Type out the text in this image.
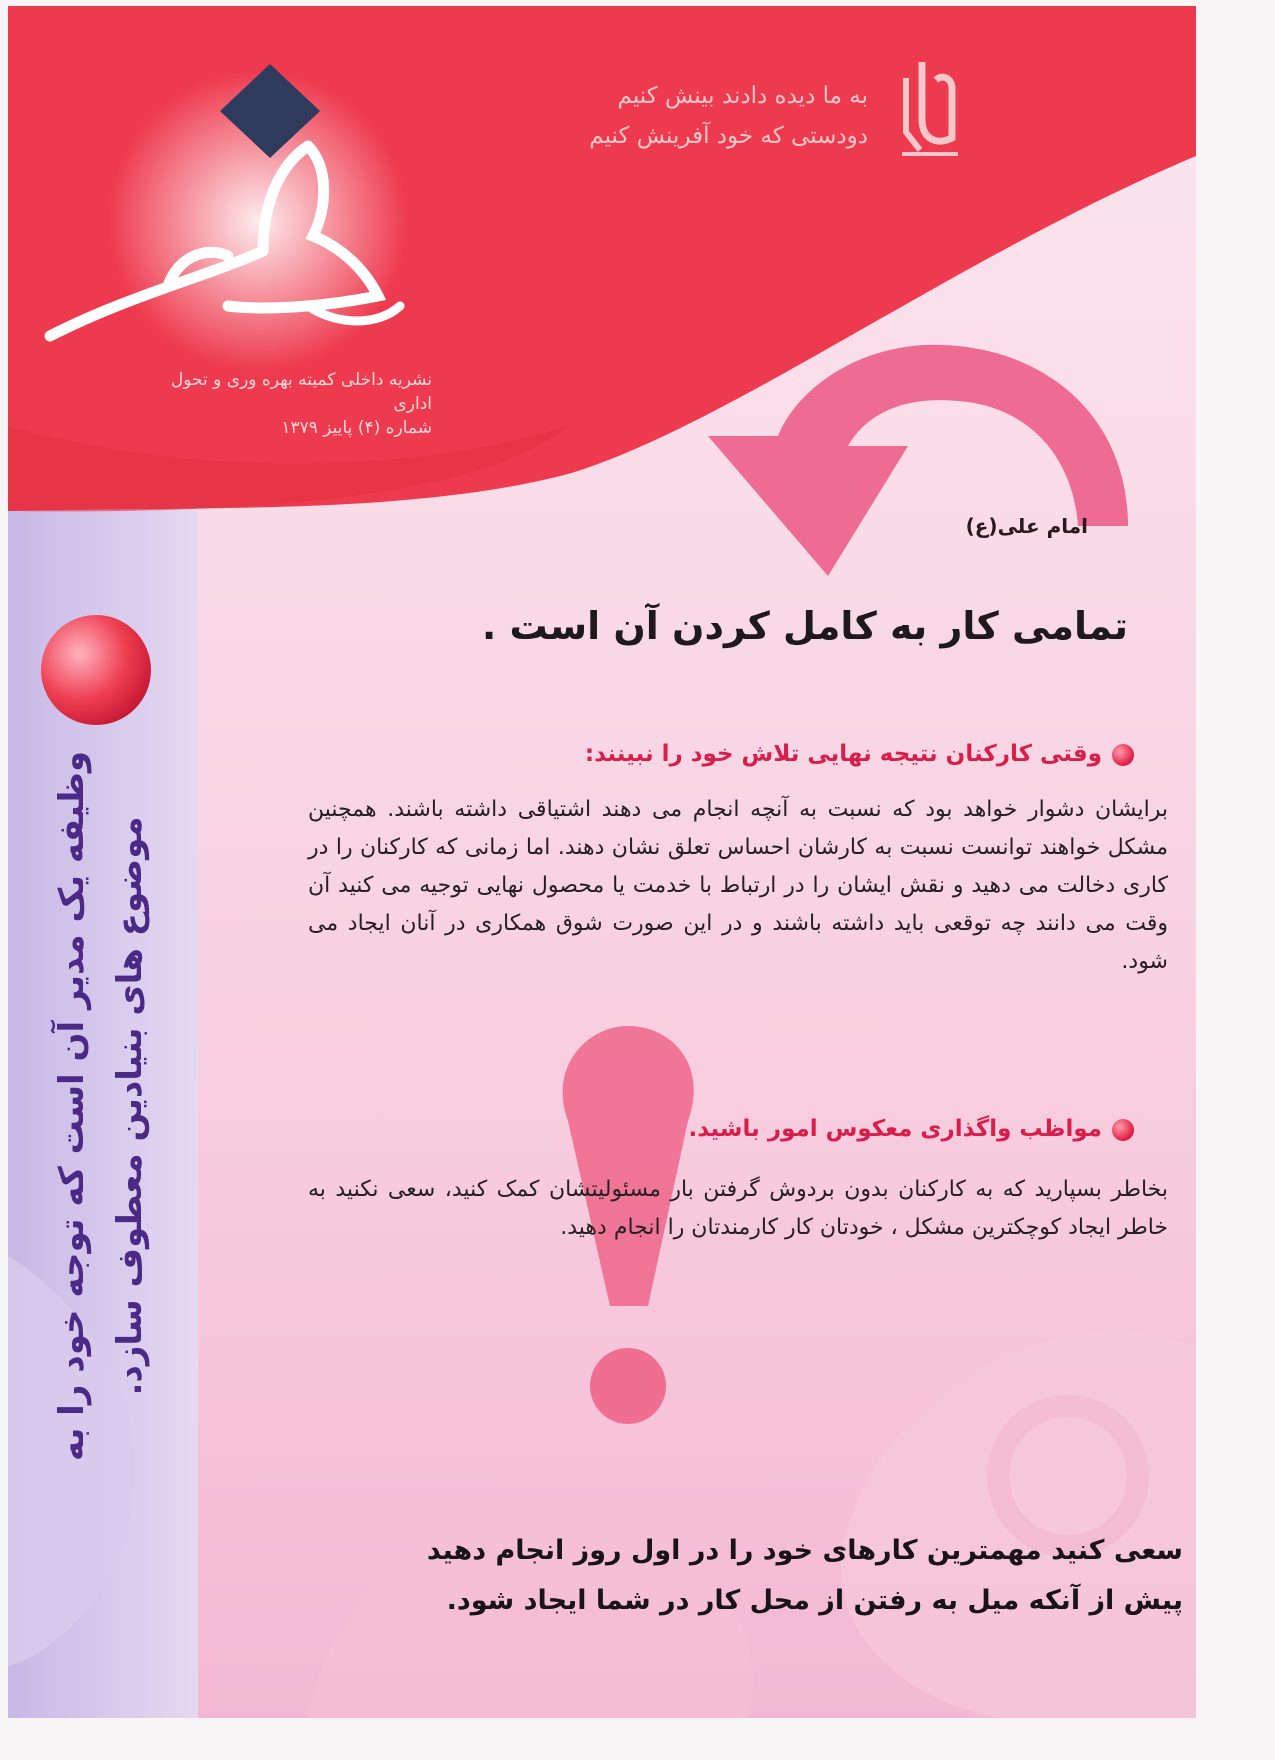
به ما دیده دادند بینش کنیم
دودستی که خود آفرینش کنیم
نشریه داخلی کمیته بهره وری و تحول اداری
شماره (۴) پاییز ۱۳۷۹
امام علی(ع)
تمامی کار به کامل کردن آن است .
وقتی کارکنان نتیجه نهایی تلاش خود را نبینند:

برایشان دشوار خواهد بود که نسبت به آنچه انجام می دهند اشتیاقی داشته باشند. همچنین مشکل خواهند توانست نسبت به کارشان احساس تعلق نشان دهند. اما زمانی که کارکنان را در کاری دخالت می دهید و نقش ایشان را در ارتباط با خدمت یا محصول نهایی توجیه می کنید آن وقت می دانند چه توقعی باید داشته باشند و در این صورت شوق همکاری در آنان ایجاد می شود.

مواظب واگذاری معکوس امور باشید.

بخاطر بسپارید که به کارکنان بدون بردوش گرفتن بار مسئولیتشان کمک کنید، سعی نکنید به خاطر ایجاد کوچکترین مشکل ، خودتان کار کارمندتان را انجام دهید.

سعی کنید مهمترین کارهای خود را در اول روز انجام دهید
پیش از آنکه میل به رفتن از محل کار در شما ایجاد شود.
وظیفه یک مدیر آن است که توجه خود را به موضوع های بنیادین معطوف سازد.
